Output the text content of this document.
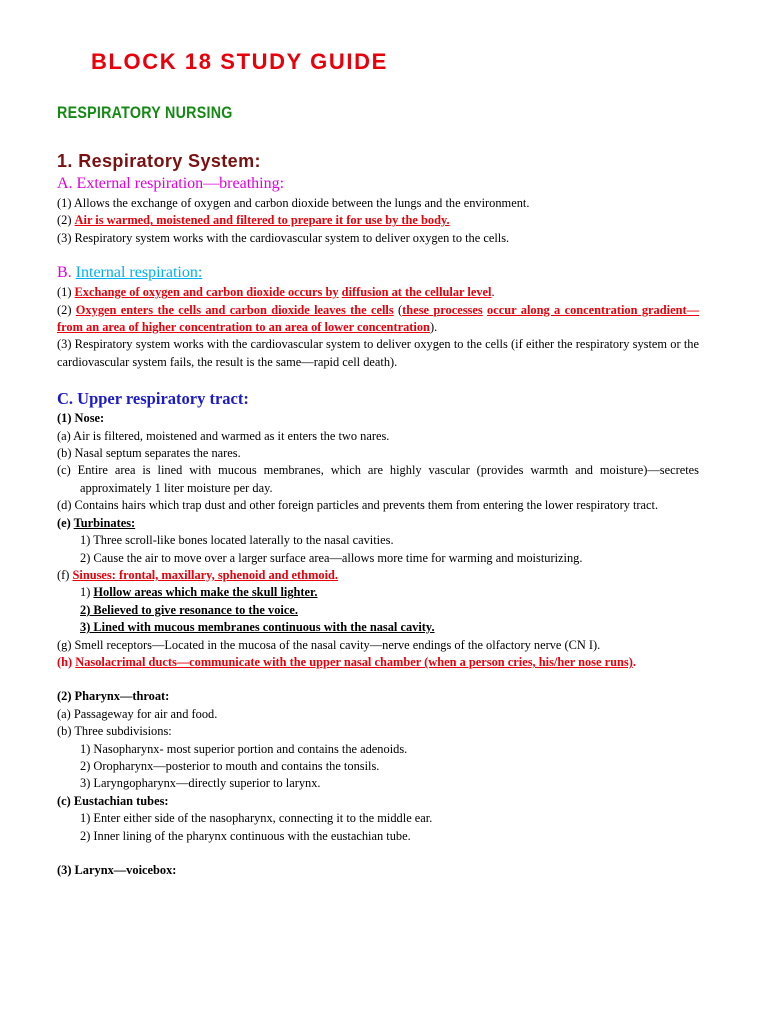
BLOCK 18 STUDY GUIDE
RESPIRATORY NURSING
1. Respiratory System:

A. External respiration—breathing:

(1) Allows the exchange of oxygen and carbon dioxide between the lungs and the environment.

(2) Air is warmed, moistened and filtered to prepare it for use by the body.

(3) Respiratory system works with the cardiovascular system to deliver oxygen to the cells.

B. Internal respiration:

(1) Exchange of oxygen and carbon dioxide occurs by diffusion at the cellular level.

(2) Oxygen enters the cells and carbon dioxide leaves the cells (these processes occur along a concentration gradient—from an area of higher concentration to an area of lower concentration).

(3) Respiratory system works with the cardiovascular system to deliver oxygen to the cells (if either the respiratory system or the cardiovascular system fails, the result is the same—rapid cell death).

C. Upper respiratory tract:

(1) Nose:

(a) Air is filtered, moistened and warmed as it enters the two nares.

(b) Nasal septum separates the nares.

(c) Entire area is lined with mucous membranes, which are highly vascular (provides warmth and moisture)—secretes approximately 1 liter moisture per day.

(d) Contains hairs which trap dust and other foreign particles and prevents them from entering the lower respiratory tract.

(e) Turbinates:

1) Three scroll-like bones located laterally to the nasal cavities.

2) Cause the air to move over a larger surface area—allows more time for warming and moisturizing.

(f) Sinuses: frontal, maxillary, sphenoid and ethmoid.

1) Hollow areas which make the skull lighter.

2) Believed to give resonance to the voice.

3) Lined with mucous membranes continuous with the nasal cavity.

(g) Smell receptors—Located in the mucosa of the nasal cavity—nerve endings of the olfactory nerve (CN I).

(h) Nasolacrimal ducts—communicate with the upper nasal chamber (when a person cries, his/her nose runs).

(2) Pharynx—throat:

(a) Passageway for air and food.

(b) Three subdivisions:

1) Nasopharynx- most superior portion and contains the adenoids.

2) Oropharynx—posterior to mouth and contains the tonsils.

3) Laryngopharynx—directly superior to larynx.

(c) Eustachian tubes:

1) Enter either side of the nasopharynx, connecting it to the middle ear.

2) Inner lining of the pharynx continuous with the eustachian tube.

(3) Larynx—voicebox:
